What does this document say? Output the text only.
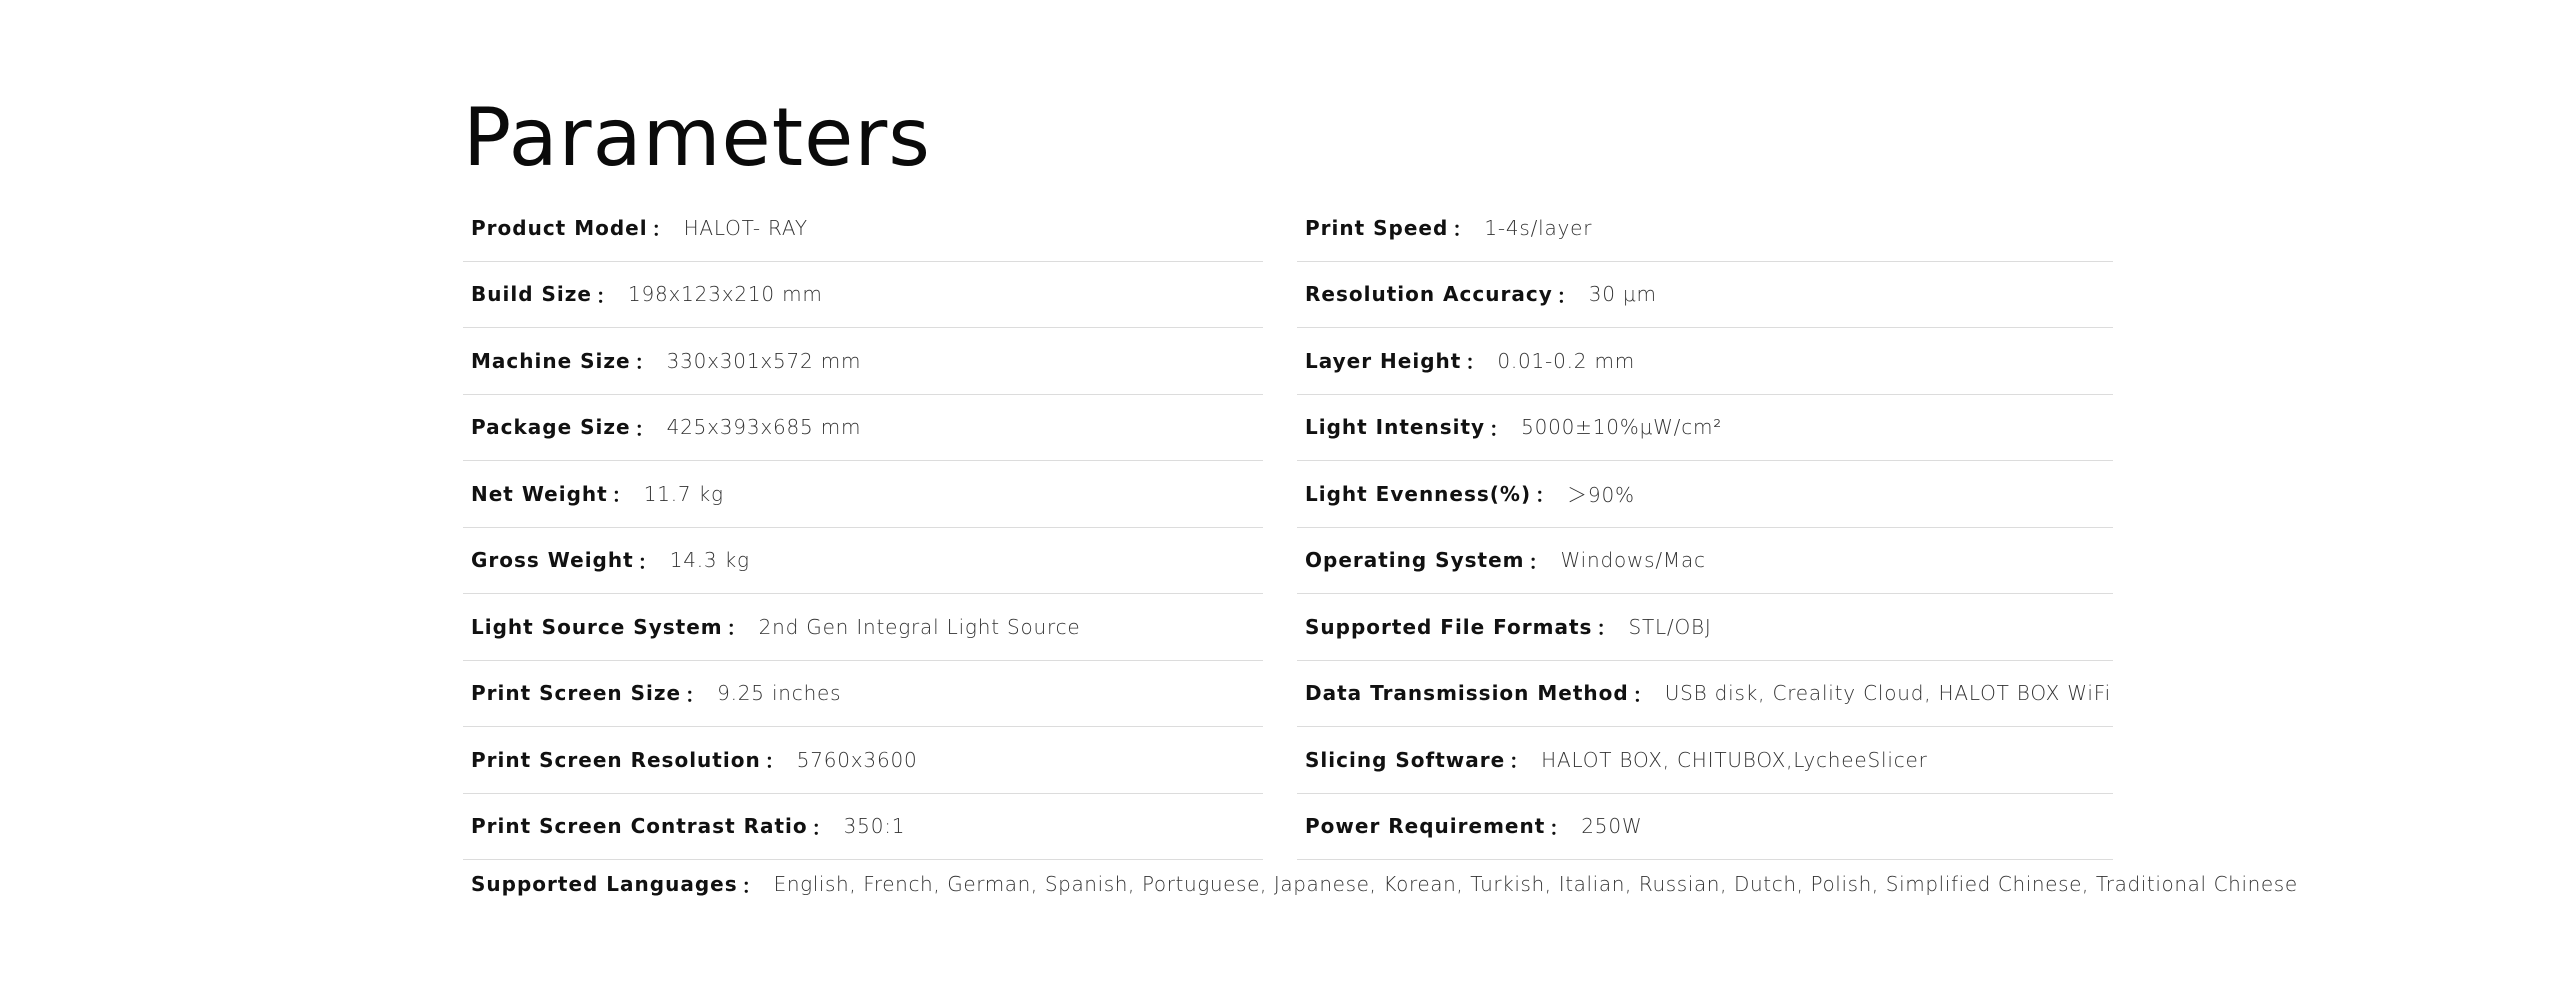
Parameters
Product Model ： HALOT- RAY	Print Speed ： 1-4s/layer
Build Size ： 198x123x210 mm	Resolution Accuracy ： 30 μm
Machine Size ： 330x301x572 mm	Layer Height ： 0.01-0.2 mm
Package Size ： 425x393x685 mm	Light Intensity ： 5000±10%μW/cm²
Net Weight ： 11.7 kg	Light Evenness(%) ： ＞90%
Gross Weight ： 14.3 kg	Operating System ： Windows/Mac
Light Source System ： 2nd Gen Integral Light Source	Supported File Formats ： STL/OBJ
Print Screen Size ： 9.25 inches	Data Transmission Method ： USB disk, Creality Cloud, HALOT BOX WiFi
Print Screen Resolution ： 5760x3600	Slicing Software ： HALOT BOX, CHITUBOX,LycheeSlicer
Print Screen Contrast Ratio ： 350:1	Power Requirement ： 250W
Supported Languages ： English, French, German, Spanish, Portuguese, Japanese, Korean, Turkish, Italian, Russian, Dutch, Polish, Simplified Chinese, Traditional Chinese
